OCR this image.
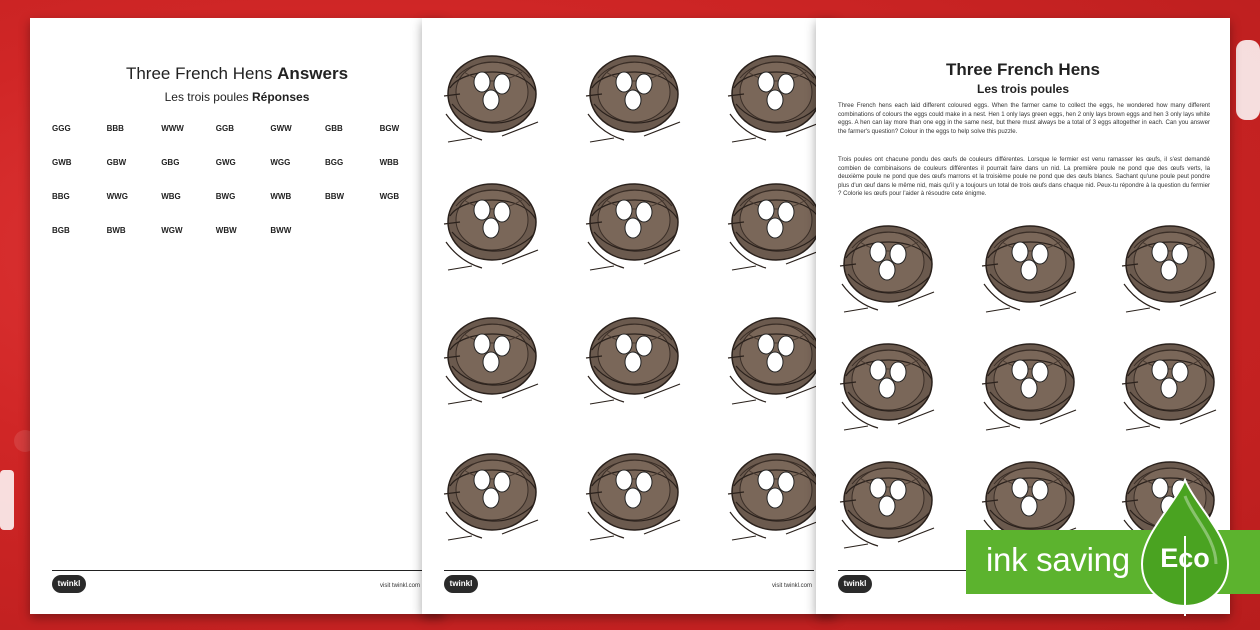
Three French Hens Answers
Les trois poules Réponses
GGG	BBB	WWW	GGB	GWW	GBB	BGW
GWB	GBW	GBG	GWG	WGG	BGG	WBB
BBG	WWG	WBG	BWG	WWB	BBW	WGB
BGB	BWB	WGW	WBW	BWW
twinkl	visit twinkl.com	twinkl	visit twinkl.com
Three French Hens
Les trois poules

Three French hens each laid different coloured eggs. When the farmer came to collect the eggs, he wondered how many different combinations of colours the eggs could make in a nest. Hen 1 only lays green eggs, hen 2 only lays brown eggs and hen 3 only lays white eggs. A hen can lay more than one egg in the same nest, but there must always be a total of 3 eggs altogether in each. Can you answer the farmer's question? Colour in the eggs to help solve this puzzle.

Trois poules ont chacune pondu des œufs de couleurs différentes. Lorsque le fermier est venu ramasser les œufs, il s'est demandé combien de combinaisons de couleurs différentes il pourrait faire dans un nid. La première poule ne pond que des œufs verts, la deuxième poule ne pond que des œufs marrons et la troisième poule ne pond que des œufs blancs. Sachant qu'une poule peut pondre plus d'un œuf dans le même nid, mais qu'il y a toujours un total de trois œufs dans chaque nid. Peux-tu répondre à la question du fermier ? Colorie les œufs pour l'aider à résoudre cete énigme.

twinkl
ink saving	Eco
